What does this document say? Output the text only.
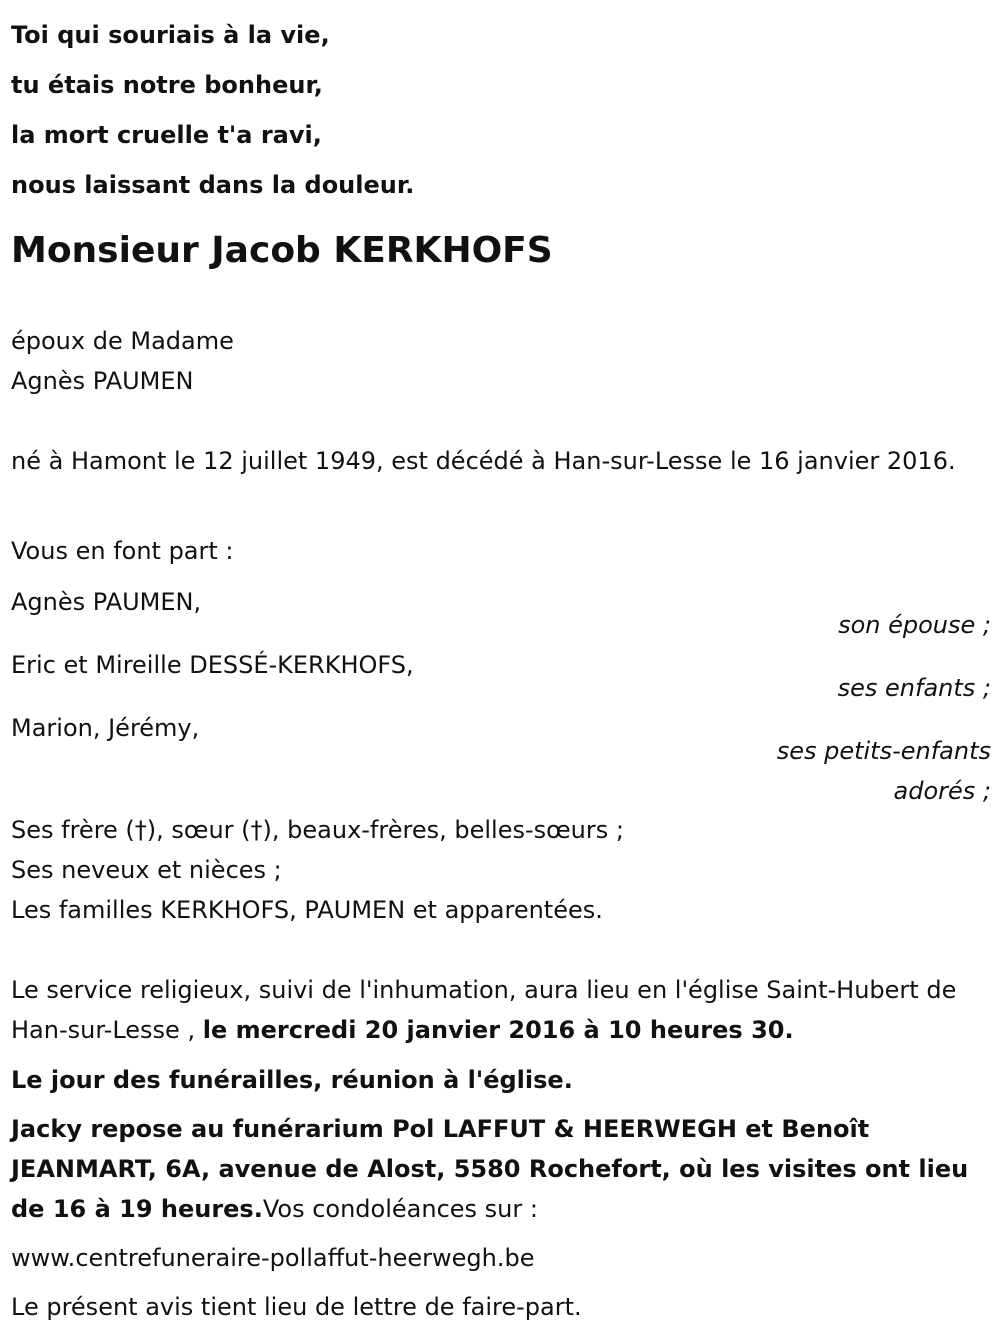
Toi qui souriais à la vie,
tu étais notre bonheur,
la mort cruelle t'a ravi,
nous laissant dans la douleur.
Monsieur Jacob KERKHOFS
époux de Madame
Agnès PAUMEN
né à Hamont le 12 juillet 1949, est décédé à Han-sur-Lesse le 16 janvier 2016.
Vous en font part :
Agnès PAUMEN,
son épouse ;
Eric et Mireille DESSÉ-KERKHOFS,
ses enfants ;
Marion, Jérémy,
ses petits-enfants
adorés ;
Ses frère (†), sœur (†), beaux-frères, belles-sœurs ;
Ses neveux et nièces ;
Les familles KERKHOFS, PAUMEN et apparentées.
Le service religieux, suivi de l'inhumation, aura lieu en l'église Saint-Hubert de Han-sur-Lesse , le mercredi 20 janvier 2016 à 10 heures 30.
Le jour des funérailles, réunion à l'église.
Jacky repose au funérarium Pol LAFFUT & HEERWEGH et Benoît JEANMART, 6A, avenue de Alost, 5580 Rochefort, où les visites ont lieu de 16 à 19 heures.Vos condoléances sur :
www.centrefuneraire-pollaffut-heerwegh.be
Le présent avis tient lieu de lettre de faire-part.
